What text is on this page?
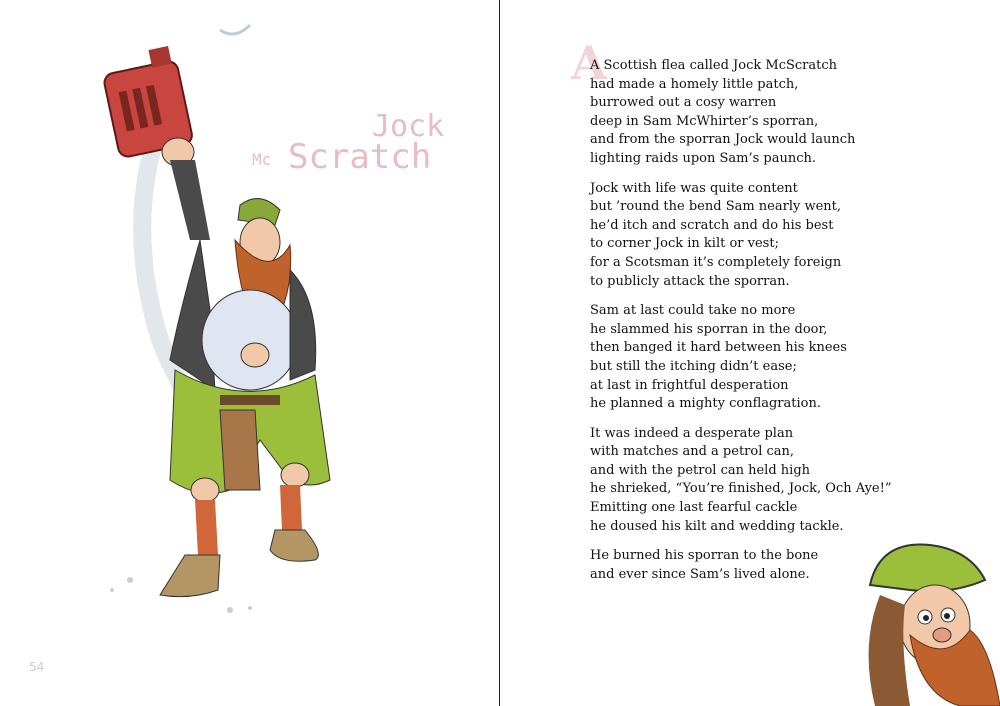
Jock
Mc Scratch
54
A
A Scottish flea called Jock McScratch
had made a homely little patch,
burrowed out a cosy warren
deep in Sam McWhirter’s sporran,
and from the sporran Jock would launch
lighting raids upon Sam’s paunch.
Jock with life was quite content
but ’round the bend Sam nearly went,
he’d itch and scratch and do his best
to corner Jock in kilt or vest;
for a Scotsman it’s completely foreign
to publicly attack the sporran.
Sam at last could take no more
he slammed his sporran in the door,
then banged it hard between his knees
but still the itching didn’t ease;
at last in frightful desperation
he planned a mighty conflagration.
It was indeed a desperate plan
with matches and a petrol can,
and with the petrol can held high
he shrieked, “You’re finished, Jock, Och Aye!”
Emitting one last fearful cackle
he doused his kilt and wedding tackle.
He burned his sporran to the bone
and ever since Sam’s lived alone.
